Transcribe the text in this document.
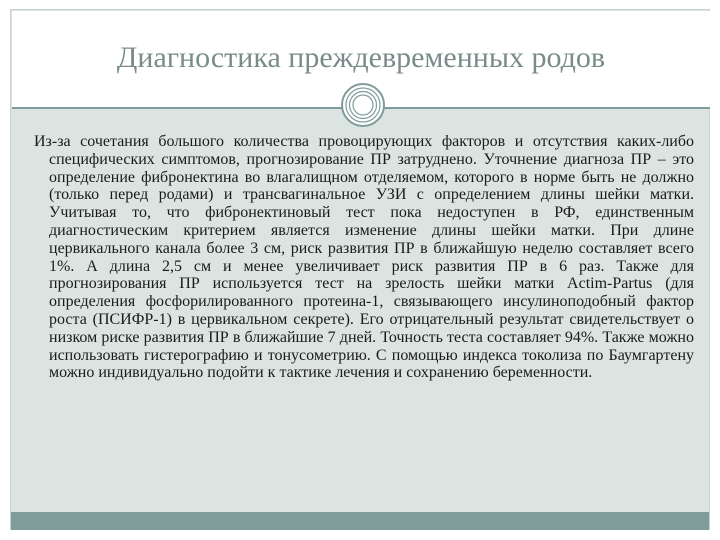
Диагностика преждевременных родов

Из-за сочетания большого количества провоцирующих факторов и отсутствия каких-либо специфических симптомов, прогнозирование ПР затруднено. Уточнение диагноза ПР – это определение фибронектина во влагалищном отделяемом, которого в норме быть не должно (только перед родами) и трансвагинальное УЗИ с определением длины шейки матки. Учитывая то, что фибронектиновый тест пока недоступен в РФ, единственным диагностическим критерием является изменение длины шейки матки. При длине цервикального канала более 3 см, риск развития ПР в ближайшую неделю составляет всего 1%. А длина 2,5 см и менее увеличивает риск развития ПР в 6 раз. Также для прогнозирования ПР используется тест на зрелость шейки матки Actim-Partus (для определения фосфорилированного протеина-1, связывающего инсулиноподобный фактор роста (ПСИФР-1) в цервикальном секрете). Его отрицательный результат свидетельствует о низком риске развития ПР в ближайшие 7 дней. Точность теста составляет 94%. Также можно использовать гистерографию и тонусометрию. С помощью индекса токолиза по Баумгартену можно индивидуально подойти к тактике лечения и сохранению беременности.
